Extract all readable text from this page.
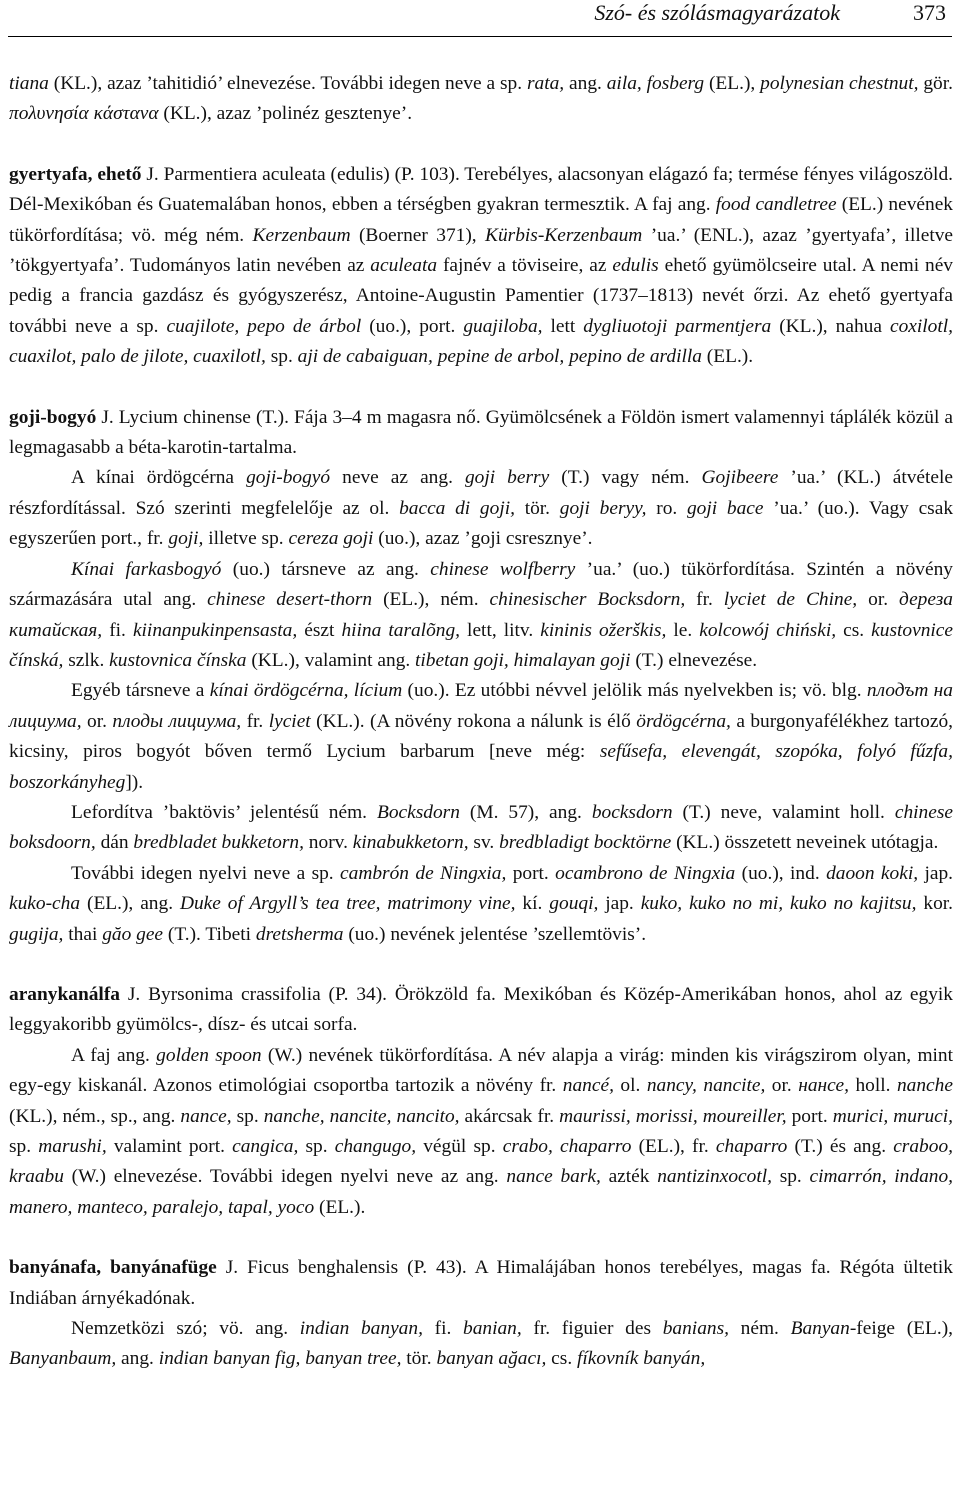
Szó- és szólásmagyarázatok	373

tiana (KL.), azaz ’tahitidió’ elnevezése. További idegen neve a sp. rata, ang. aila, fosberg (EL.), polynesian chestnut, gör. πολυνησία κάστανα (KL.), azaz ’polinéz gesztenye’.

gyertyafa, ehető J. Parmentiera aculeata (edulis) (P. 103). Terebélyes, alacsonyan elágazó fa; termése fényes világoszöld. Dél-Mexikóban és Guatemalában honos, ebben a térségben gyakran termesztik. A faj ang. food candletree (EL.) nevének tükörfordítása; vö. még ném. Kerzenbaum (Boerner 371), Kürbis-Kerzenbaum ’ua.’ (ENL.), azaz ’gyertyafa’, illetve ’tökgyertyafa’. Tudományos latin nevében az aculeata fajnév a töviseire, az edulis ehető gyümölcseire utal. A nemi név pedig a francia gazdász és gyógyszerész, Antoine-Augustin Pamentier (1737–1813) nevét őrzi. Az ehető gyertyafa további neve a sp. cuajilote, pepo de árbol (uo.), port. guajiloba, lett dygliuotoji parmentjera (KL.), nahua coxilotl, cuaxilot, palo de jilote, cuaxilotl, sp. aji de cabaiguan, pepine de arbol, pepino de ardilla (EL.).

goji-bogyó J. Lycium chinense (T.). Fája 3–4 m magasra nő. Gyümölcsének a Földön ismert valamennyi táplálék közül a legmagasabb a béta-karotin-tartalma.

A kínai ördögcérna goji-bogyó neve az ang. goji berry (T.) vagy ném. Gojibeere ’ua.’ (KL.) átvétele részfordítással. Szó szerinti megfelelője az ol. bacca di goji, tör. goji beryy, ro. goji bace ’ua.’ (uo.). Vagy csak egyszerűen port., fr. goji, illetve sp. cereza goji (uo.), azaz ’goji csresznye’.

Kínai farkasbogyó (uo.) társneve az ang. chinese wolfberry ’ua.’ (uo.) tükörfordítása. Szintén a növény származására utal ang. chinese desert-thorn (EL.), ném. chinesischer Bocksdorn, fr. lyciet de Chine, or. дереза китайская, fi. kiinanpukinpensasta, észt hiina taralõng, lett, litv. kininis ožerškis, le. kolcowój chiński, cs. kustovnice čínská, szlk. kustovnica čínska (KL.), valamint ang. tibetan goji, himalayan goji (T.) elnevezése.

Egyéb társneve a kínai ördögcérna, lícium (uo.). Ez utóbbi névvel jelölik más nyelvekben is; vö. blg. плодът на лициума, or. плоды лициума, fr. lyciet (KL.). (A növény rokona a nálunk is élő ördögcérna, a burgonyafélékhez tartozó, kicsiny, piros bogyót bőven termő Lycium barbarum [neve még: sefűsefa, elevengát, szopóka, folyó fűzfa, boszorkányheg]).

Lefordítva ’baktövis’ jelentésű ném. Bocksdorn (M. 57), ang. bocksdorn (T.) neve, valamint holl. chinese boksdoorn, dán bredbladet bukketorn, norv. kinabukketorn, sv. bredbladigt bocktörne (KL.) összetett neveinek utótagja.

További idegen nyelvi neve a sp. cambrón de Ningxia, port. ocambrono de Ningxia (uo.), ind. daoon koki, jap. kuko-cha (EL.), ang. Duke of Argyll’s tea tree, matrimony vine, kí. gouqi, jap. kuko, kuko no mi, kuko no kajitsu, kor. gugija, thai găo gee (T.). Tibeti dretsherma (uo.) nevének jelentése ’szellemtövis’.

aranykanálfa J. Byrsonima crassifolia (P. 34). Örökzöld fa. Mexikóban és Közép-Amerikában honos, ahol az egyik leggyakoribb gyümölcs-, dísz- és utcai sorfa.

A faj ang. golden spoon (W.) nevének tükörfordítása. A név alapja a virág: minden kis virágszirom olyan, mint egy-egy kiskanál. Azonos etimológiai csoportba tartozik a növény fr. nancé, ol. nancy, nancite, or. нансе, holl. nanche (KL.), ném., sp., ang. nance, sp. nanche, nancite, nancito, akárcsak fr. maurissi, morissi, moureiller, port. murici, muruci, sp. marushi, valamint port. cangica, sp. changugo, végül sp. crabo, chaparro (EL.), fr. chaparro (T.) és ang. craboo, kraabu (W.) elnevezése. További idegen nyelvi neve az ang. nance bark, azték nantizinxocotl, sp. cimarrón, indano, manero, manteco, paralejo, tapal, yoco (EL.).

banyánafa, banyánafüge J. Ficus benghalensis (P. 43). A Himalájában honos terebélyes, magas fa. Régóta ültetik Indiában árnyékadónak.

Nemzetközi szó; vö. ang. indian banyan, fi. banian, fr. figuier des banians, ném. Banyan-feige (EL.), Banyanbaum, ang. indian banyan fig, banyan tree, tör. banyan ağacı, cs. fíkovník banyán,
